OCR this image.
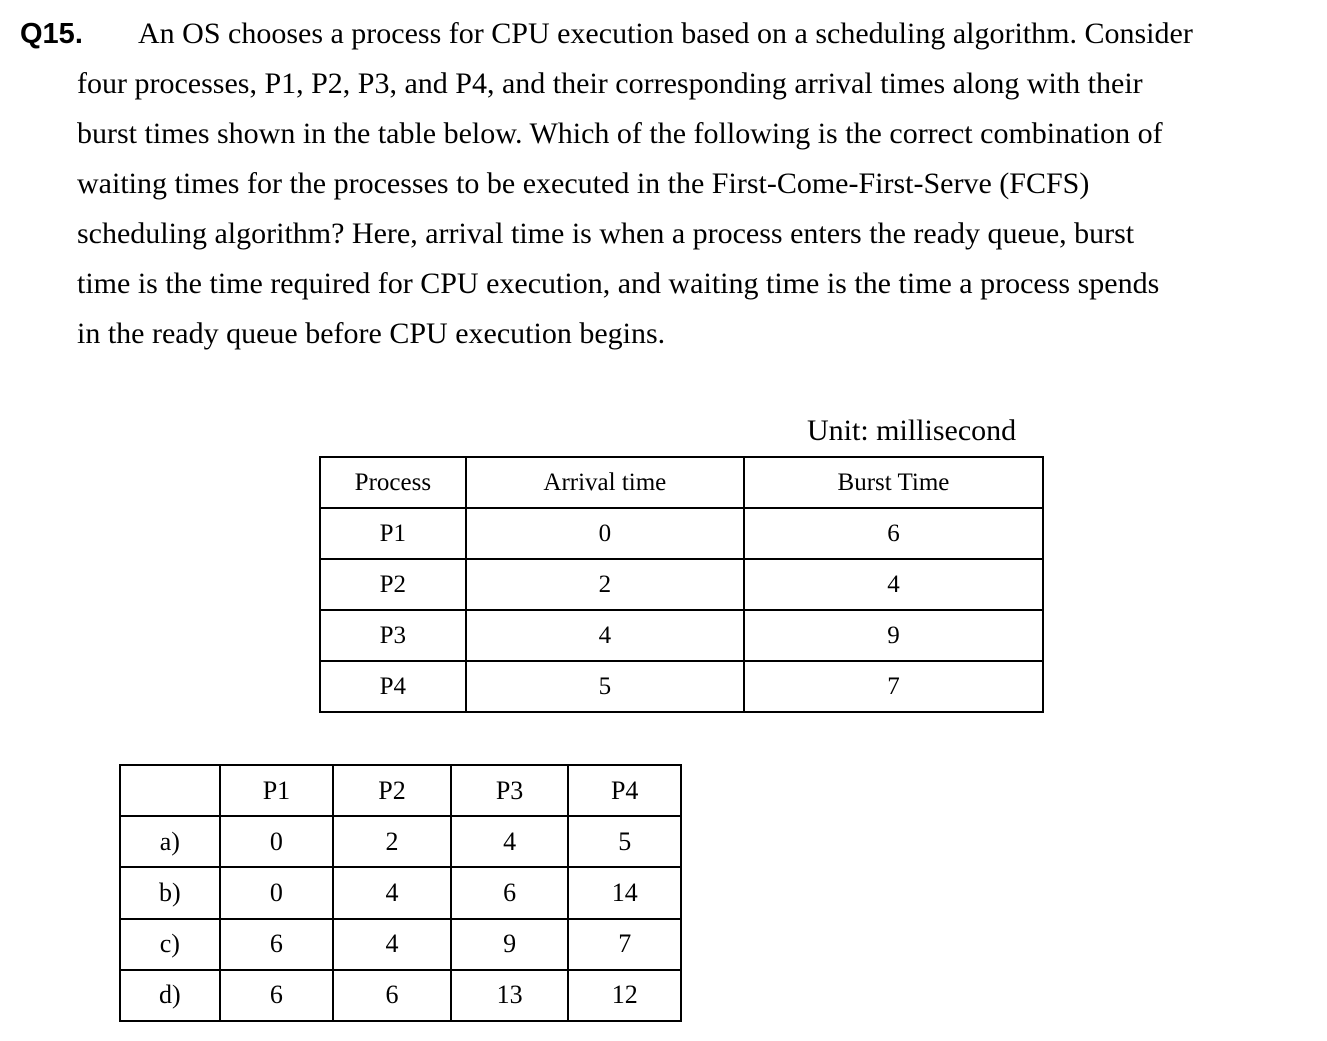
Q15. An OS chooses a process for CPU execution based on a scheduling algorithm. Consider
four processes, P1, P2, P3, and P4, and their corresponding arrival times along with their
burst times shown in the table below. Which of the following is the correct combination of
waiting times for the processes to be executed in the First-Come-First-Serve (FCFS)
scheduling algorithm? Here, arrival time is when a process enters the ready queue, burst
time is the time required for CPU execution, and waiting time is the time a process spends
in the ready queue before CPU execution begins.
Unit: millisecond
Process	Arrival time	Burst Time
P1	0	6
P2	2	4
P3	4	9
P4	5	7
	P1	P2	P3	P4
a)	0	2	4	5
b)	0	4	6	14
c)	6	4	9	7
d)	6	6	13	12
